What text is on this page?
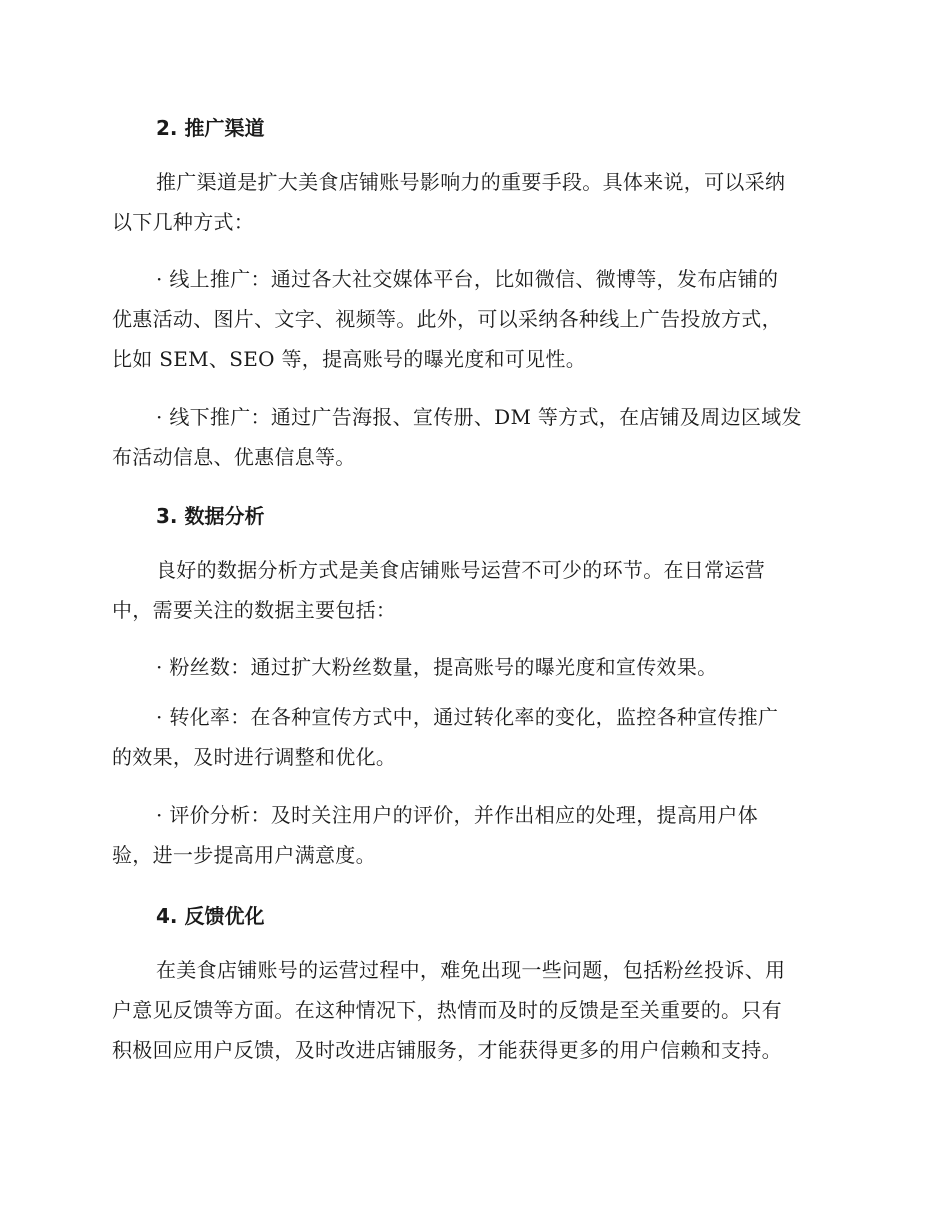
2. 推广渠道

推广渠道是扩大美食店铺账号影响力的重要手段。具体来说，可以采纳
以下几种方式：

· 线上推广：通过各大社交媒体平台，比如微信、微博等，发布店铺的
优惠活动、图片、文字、视频等。此外，可以采纳各种线上广告投放方式，
比如 SEM、SEO 等，提高账号的曝光度和可见性。

· 线下推广：通过广告海报、宣传册、DM 等方式，在店铺及周边区域发
布活动信息、优惠信息等。

3. 数据分析

良好的数据分析方式是美食店铺账号运营不可少的环节。在日常运营
中，需要关注的数据主要包括：

· 粉丝数：通过扩大粉丝数量，提高账号的曝光度和宣传效果。

· 转化率：在各种宣传方式中，通过转化率的变化，监控各种宣传推广
的效果，及时进行调整和优化。

· 评价分析：及时关注用户的评价，并作出相应的处理，提高用户体
验，进一步提高用户满意度。

4. 反馈优化

在美食店铺账号的运营过程中，难免出现一些问题，包括粉丝投诉、用
户意见反馈等方面。在这种情况下，热情而及时的反馈是至关重要的。只有
积极回应用户反馈，及时改进店铺服务，才能获得更多的用户信赖和支持。
